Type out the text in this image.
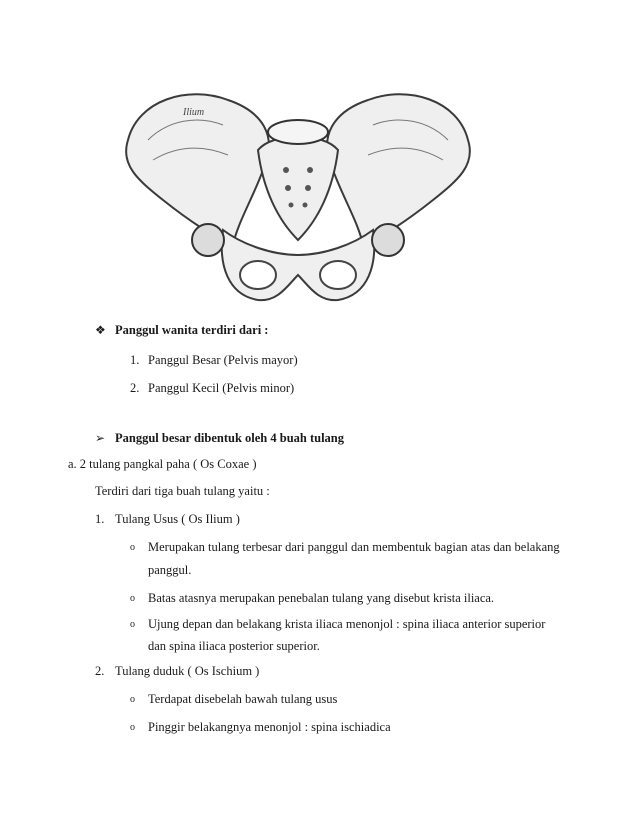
Ilium
❖ Panggul wanita terdiri dari :
1. Panggul Besar (Pelvis mayor)
2. Panggul Kecil (Pelvis minor)
➢ Panggul besar dibentuk oleh 4 buah tulang
a. 2 tulang pangkal paha ( Os Coxae )
Terdiri dari tiga buah tulang yaitu :
1. Tulang Usus ( Os Ilium )
o Merupakan tulang terbesar dari panggul dan membentuk bagian atas dan belakang
panggul.
o Batas atasnya merupakan penebalan tulang yang disebut krista iliaca.
o Ujung depan dan belakang krista iliaca menonjol : spina iliaca anterior superior
dan spina iliaca posterior superior.
2. Tulang duduk ( Os Ischium )
o Terdapat disebelah bawah tulang usus
o Pinggir belakangnya menonjol : spina ischiadica
